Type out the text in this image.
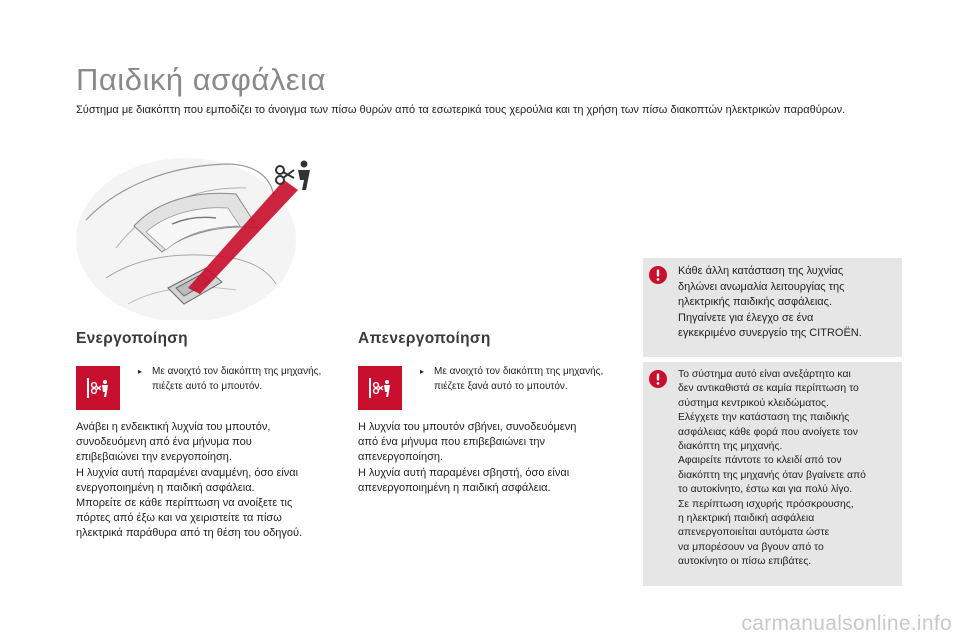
Παιδική ασφάλεια

Σύστημα με διακόπτη που εμποδίζει το άνοιγμα των πίσω θυρών από τα εσωτερικά τους χερούλια και τη χρήση των πίσω διακοπτών ηλεκτρικών παραθύρων.

Ενεργοποίηση
▸ Με ανοιχτό τον διακόπτη της μηχανής, πιέζετε αυτό το μπουτόν.

Ανάβει η ενδεικτική λυχνία του μπουτόν,
συνοδευόμενη από ένα μήνυμα που
επιβεβαιώνει την ενεργοποίηση.
Η λυχνία αυτή παραμένει αναμμένη, όσο είναι
ενεργοποιημένη η παιδική ασφάλεια.
Μπορείτε σε κάθε περίπτωση να ανοίξετε τις
πόρτες από έξω και να χειριστείτε τα πίσω
ηλεκτρικά παράθυρα από τη θέση του οδηγού.

Απενεργοποίηση
▸ Με ανοιχτό τον διακόπτη της μηχανής, πιέζετε ξανά αυτό το μπουτόν.

Η λυχνία του μπουτόν σβήνει, συνοδευόμενη
από ένα μήνυμα που επιβεβαιώνει την
απενεργοποίηση.
Η λυχνία αυτή παραμένει σβηστή, όσο είναι
απενεργοποιημένη η παιδική ασφάλεια.

Κάθε άλλη κατάσταση της λυχνίας
δηλώνει ανωμαλία λειτουργίας της
ηλεκτρικής παιδικής ασφάλειας.
Πηγαίνετε για έλεγχο σε ένα
εγκεκριμένο συνεργείο της CITROËN.

Το σύστημα αυτό είναι ανεξάρτητο και
δεν αντικαθιστά σε καμία περίπτωση το
σύστημα κεντρικού κλειδώματος.
Ελέγχετε την κατάσταση της παιδικής
ασφάλειας κάθε φορά που ανοίγετε τον
διακόπτη της μηχανής.
Αφαιρείτε πάντοτε το κλειδί από τον
διακόπτη της μηχανής όταν βγαίνετε από
το αυτοκίνητο, έστω και για πολύ λίγο.
Σε περίπτωση ισχυρής πρόσκρουσης,
η ηλεκτρική παιδική ασφάλεια
απενεργοποιείται αυτόματα ώστε
να μπορέσουν να βγουν από το
αυτοκίνητο οι πίσω επιβάτες.

carmanualsonline.info
